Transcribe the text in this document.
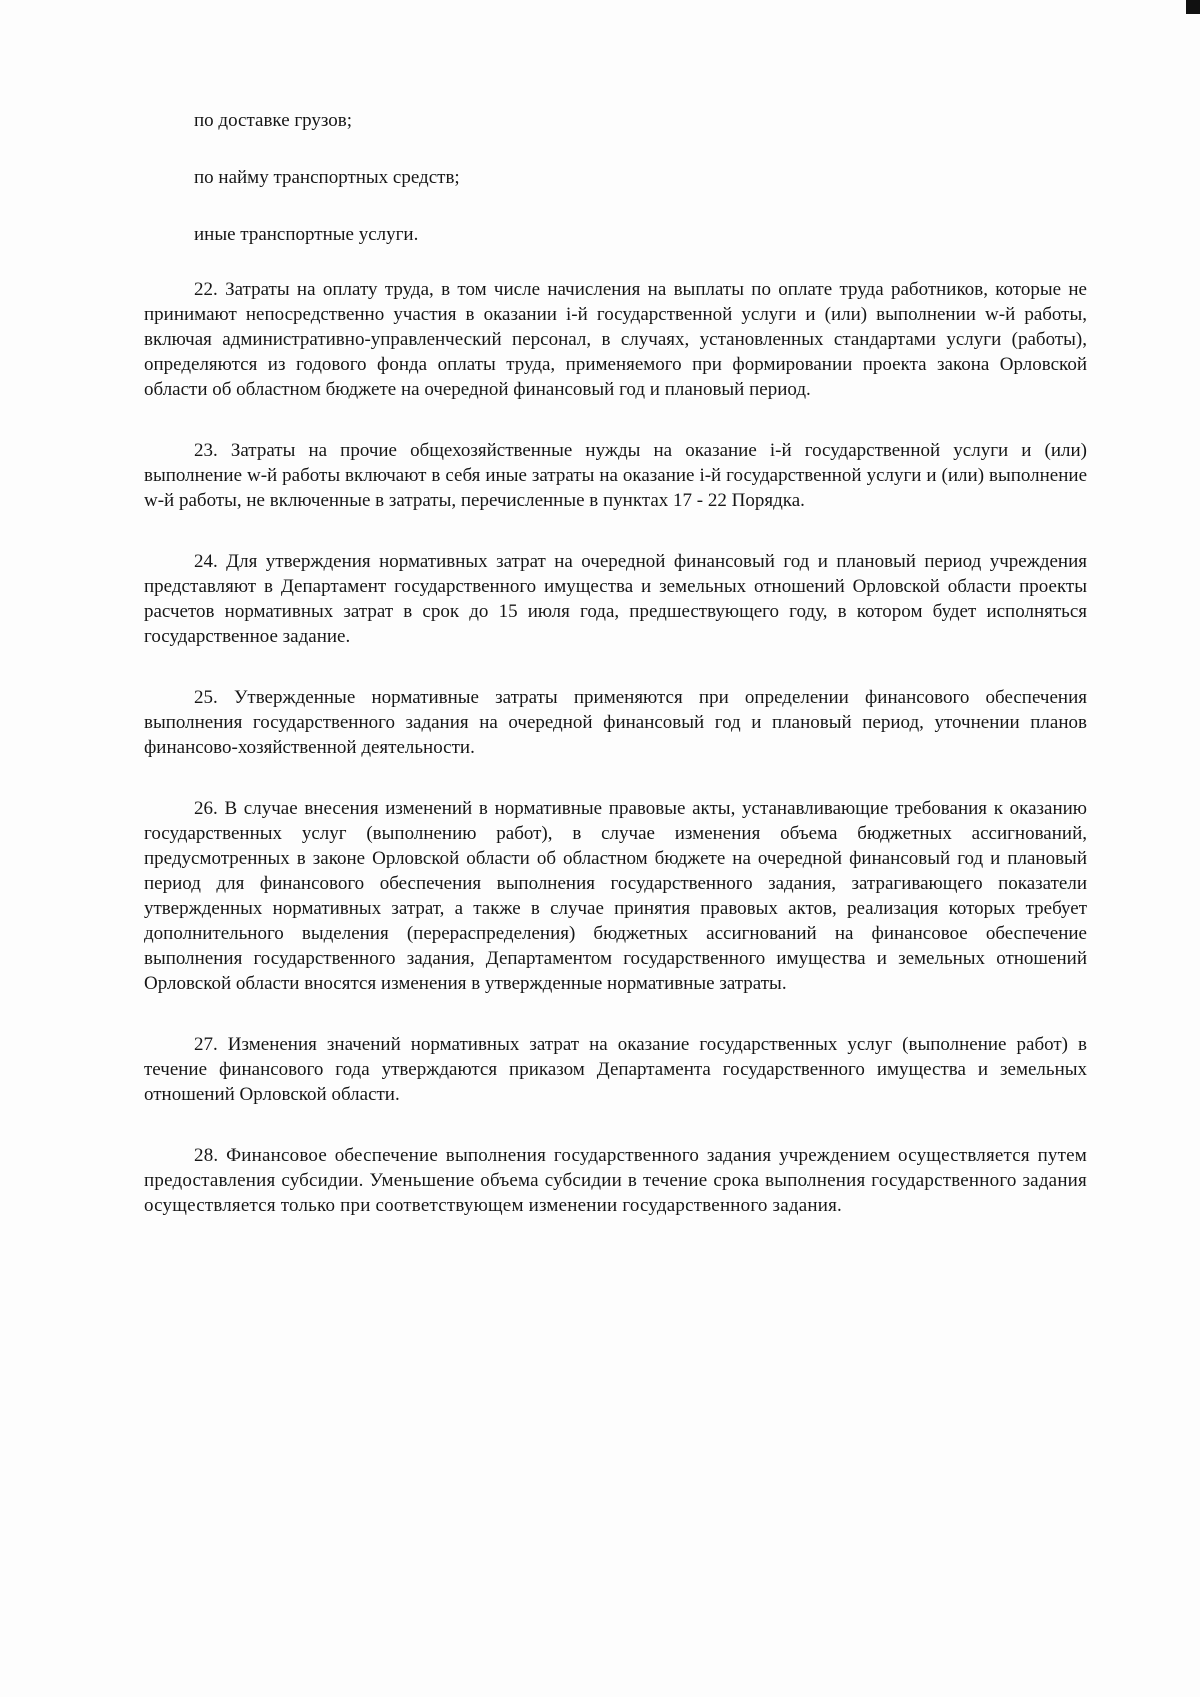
по доставке грузов;

по найму транспортных средств;

иные транспортные услуги.

22. Затраты на оплату труда, в том числе начисления на выплаты по оплате труда работников, которые не принимают непосредственно участия в оказании i-й государственной услуги и (или) выполнении w-й работы, включая административно-управленческий персонал, в случаях, установленных стандартами услуги (работы), определяются из годового фонда оплаты труда, применяемого при формировании проекта закона Орловской области об областном бюджете на очередной финансовый год и плановый период.

23. Затраты на прочие общехозяйственные нужды на оказание i-й государственной услуги и (или) выполнение w-й работы включают в себя иные затраты на оказание i-й государственной услуги и (или) выполнение w-й работы, не включенные в затраты, перечисленные в пунктах 17 - 22 Порядка.

24. Для утверждения нормативных затрат на очередной финансовый год и плановый период учреждения представляют в Департамент государственного имущества и земельных отношений Орловской области проекты расчетов нормативных затрат в срок до 15 июля года, предшествующего году, в котором будет исполняться государственное задание.

25. Утвержденные нормативные затраты применяются при определении финансового обеспечения выполнения государственного задания на очередной финансовый год и плановый период, уточнении планов финансово-хозяйственной деятельности.

26. В случае внесения изменений в нормативные правовые акты, устанавливающие требования к оказанию государственных услуг (выполнению работ), в случае изменения объема бюджетных ассигнований, предусмотренных в законе Орловской области об областном бюджете на очередной финансовый год и плановый период для финансового обеспечения выполнения государственного задания, затрагивающего показатели утвержденных нормативных затрат, а также в случае принятия правовых актов, реализация которых требует дополнительного выделения (перераспределения) бюджетных ассигнований на финансовое обеспечение выполнения государственного задания, Департаментом государственного имущества и земельных отношений Орловской области вносятся изменения в утвержденные нормативные затраты.

27. Изменения значений нормативных затрат на оказание государственных услуг (выполнение работ) в течение финансового года утверждаются приказом Департамента государственного имущества и земельных отношений Орловской области.

28. Финансовое обеспечение выполнения государственного задания учреждением осуществляется путем предоставления субсидии. Уменьшение объема субсидии в течение срока выполнения государственного задания осуществляется только при соответствующем изменении государственного задания.
